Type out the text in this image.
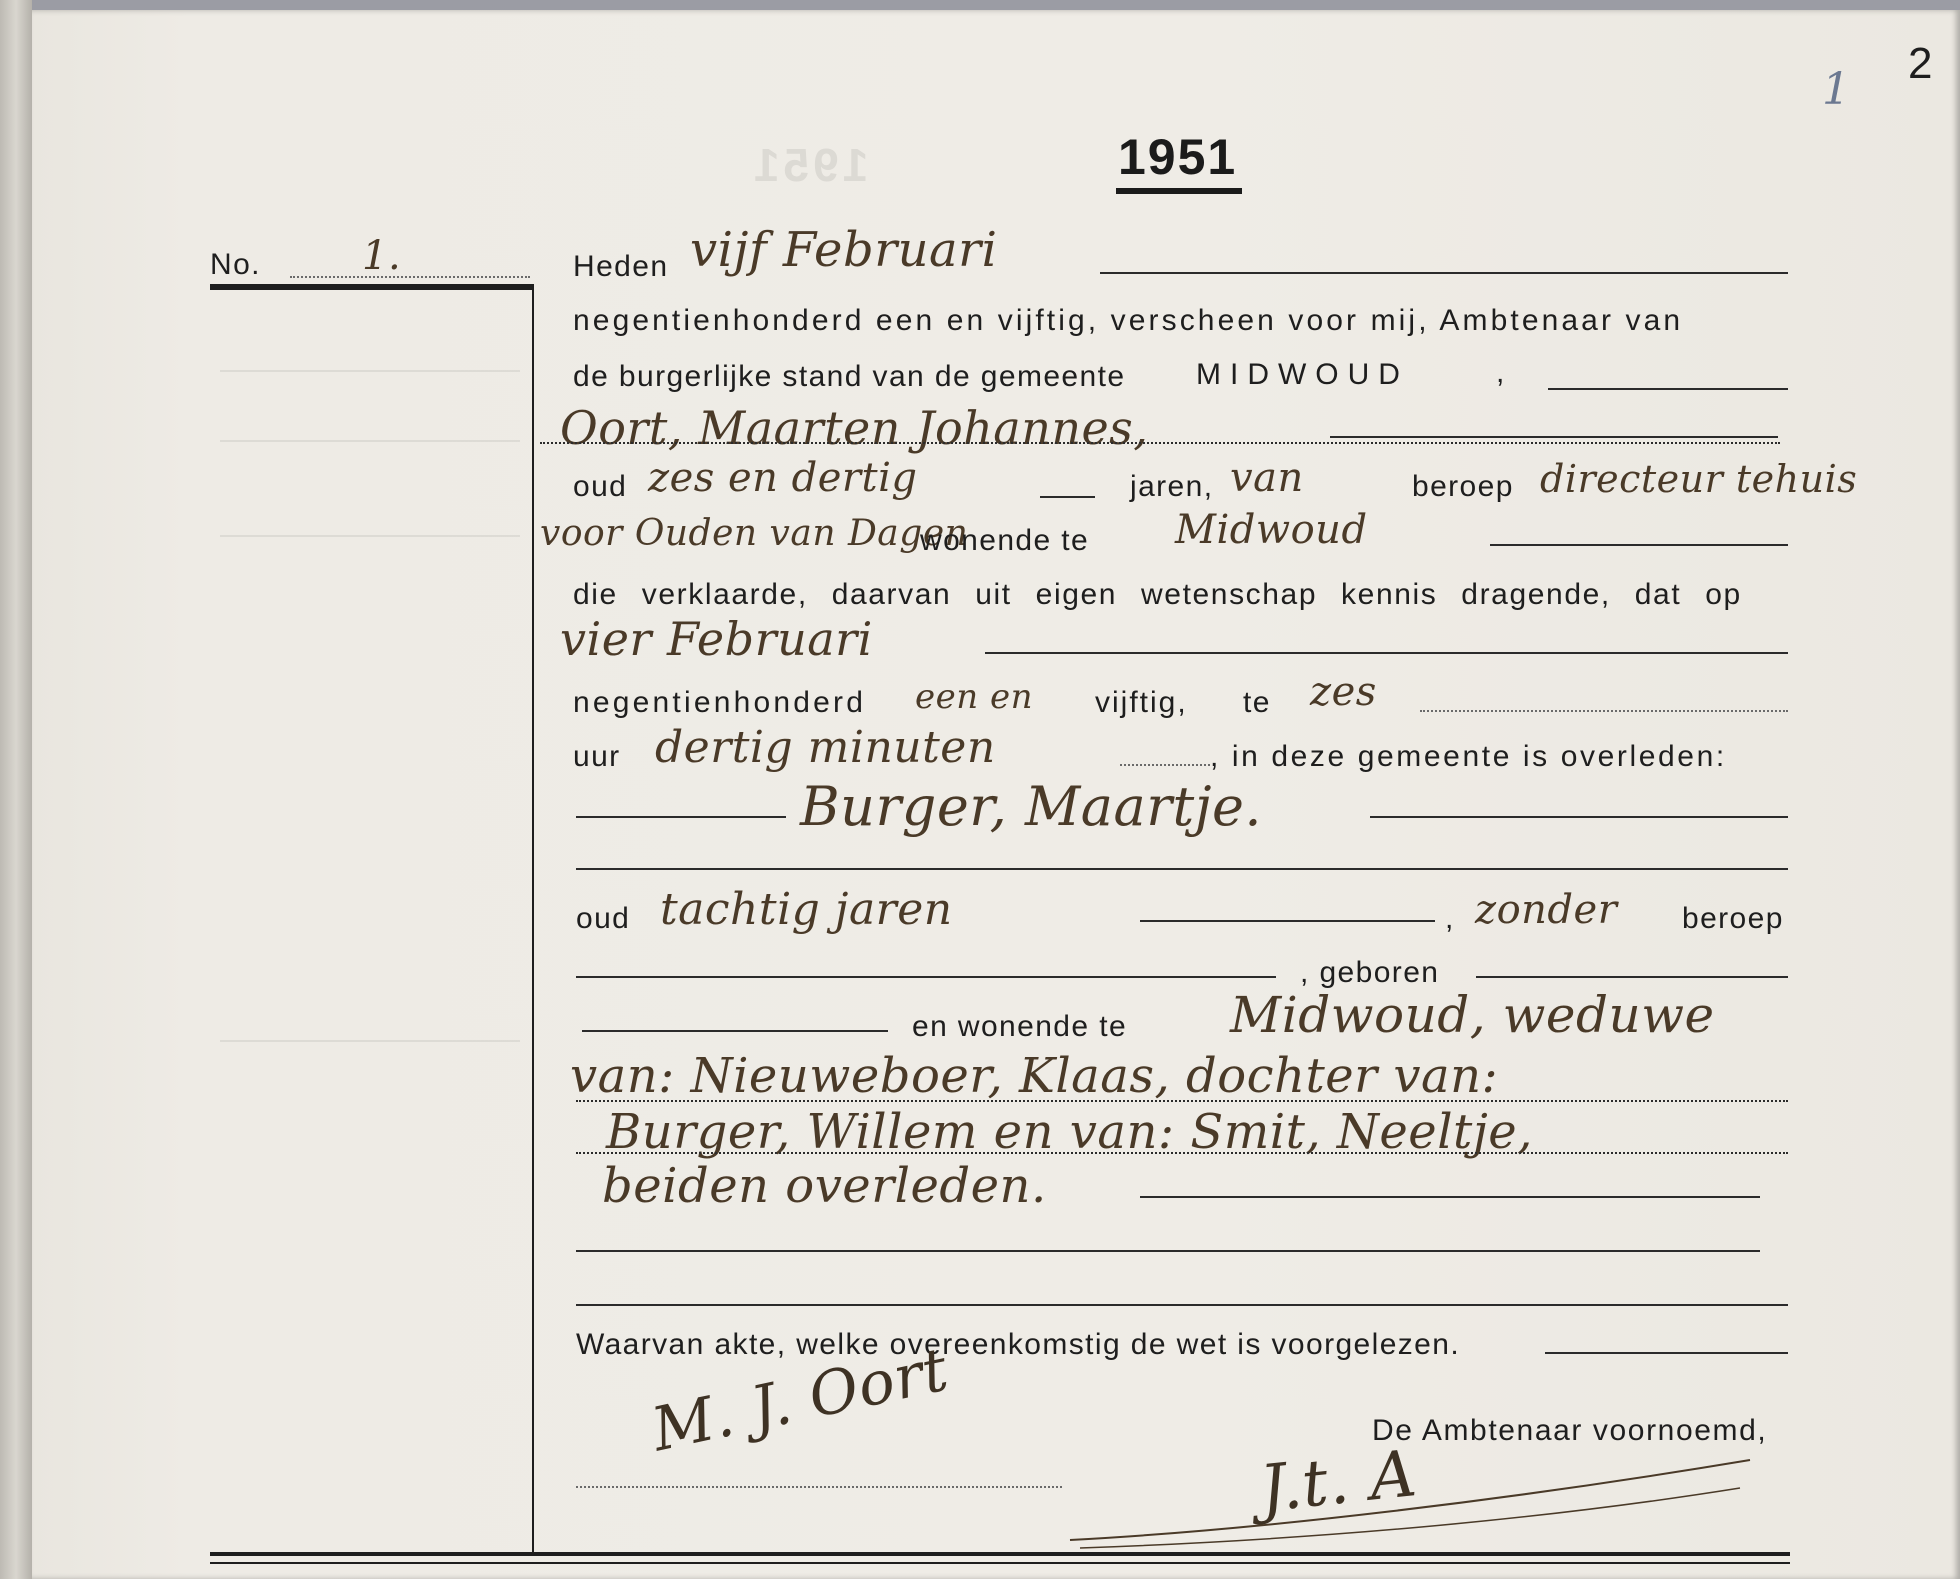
1951
1
2
1951
No.	1.	Heden vijf Februari
negentienhonderd een en vijftig, verscheen voor mij, Ambtenaar van
de burgerlijke stand van de gemeente MIDWOUD	,
Oort, Maarten Johannes,
oud zes en dertig	jaren, van	beroep directeur tehuis
voor Ouden van Dagen
wonende te Midwoud
die verklaarde, daarvan uit eigen wetenschap kennis dragende, dat op
vier Februari
negentienhonderd een en vijftig, te zes
uur dertig minuten	, in deze gemeente is overleden:
Burger, Maartje.
oud tachtig jaren	, zonder beroep
, geboren
en wonende te Midwoud, weduwe
van: Nieuweboer, Klaas, dochter van:
Burger, Willem en van: Smit, Neeltje,
beiden overleden.
Waarvan akte, welke overeenkomstig de wet is voorgelezen.
M. J. Oort	De Ambtenaar voornoemd,
J.t. A
